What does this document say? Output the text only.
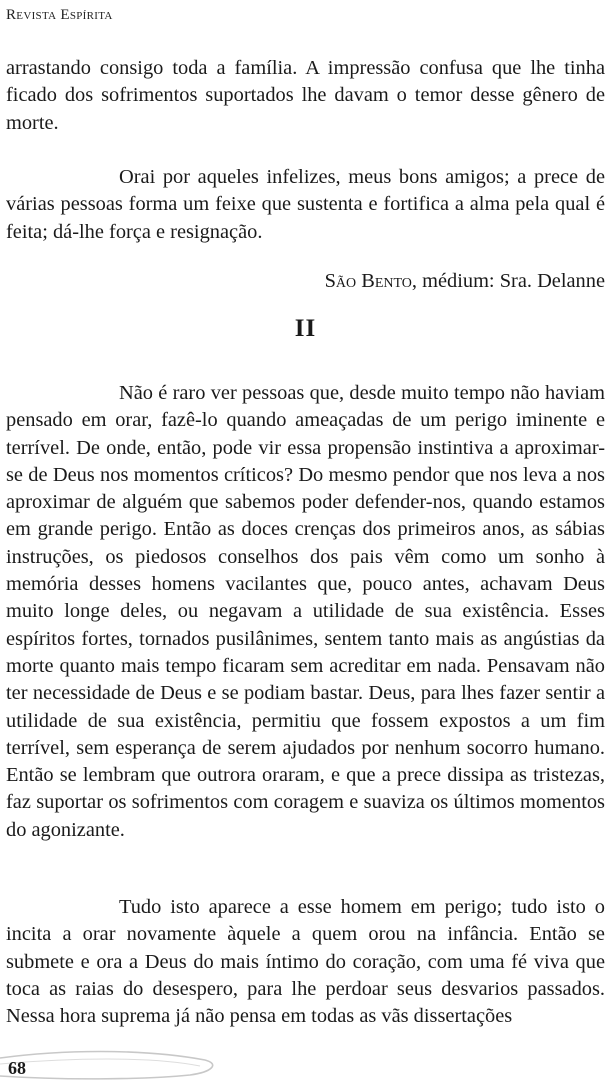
Revista Espírita

arrastando consigo toda a família. A impressão confusa que lhe tinha ficado dos sofrimentos suportados lhe davam o temor desse gênero de morte.

Orai por aqueles infelizes, meus bons amigos; a prece de várias pessoas forma um feixe que sustenta e fortifica a alma pela qual é feita; dá-lhe força e resignação.

São Bento, médium: Sra. Delanne
II

Não é raro ver pessoas que, desde muito tempo não haviam pensado em orar, fazê-lo quando ameaçadas de um perigo iminente e terrível. De onde, então, pode vir essa propensão instintiva a aproximar-se de Deus nos momentos críticos? Do mesmo pendor que nos leva a nos aproximar de alguém que sabemos poder defender-nos, quando estamos em grande perigo. Então as doces crenças dos primeiros anos, as sábias instruções, os piedosos conselhos dos pais vêm como um sonho à memória desses homens vacilantes que, pouco antes, achavam Deus muito longe deles, ou negavam a utilidade de sua existência. Esses espíritos fortes, tornados pusilânimes, sentem tanto mais as angústias da morte quanto mais tempo ficaram sem acreditar em nada. Pensavam não ter necessidade de Deus e se podiam bastar. Deus, para lhes fazer sentir a utilidade de sua existência, permitiu que fossem expostos a um fim terrível, sem esperança de serem ajudados por nenhum socorro humano. Então se lembram que outrora oraram, e que a prece dissipa as tristezas, faz suportar os sofrimentos com coragem e suaviza os últimos momentos do agonizante.

Tudo isto aparece a esse homem em perigo; tudo isto o incita a orar novamente àquele a quem orou na infância. Então se submete e ora a Deus do mais íntimo do coração, com uma fé viva que toca as raias do desespero, para lhe perdoar seus desvarios passados. Nessa hora suprema já não pensa em todas as vãs dissertações

68
